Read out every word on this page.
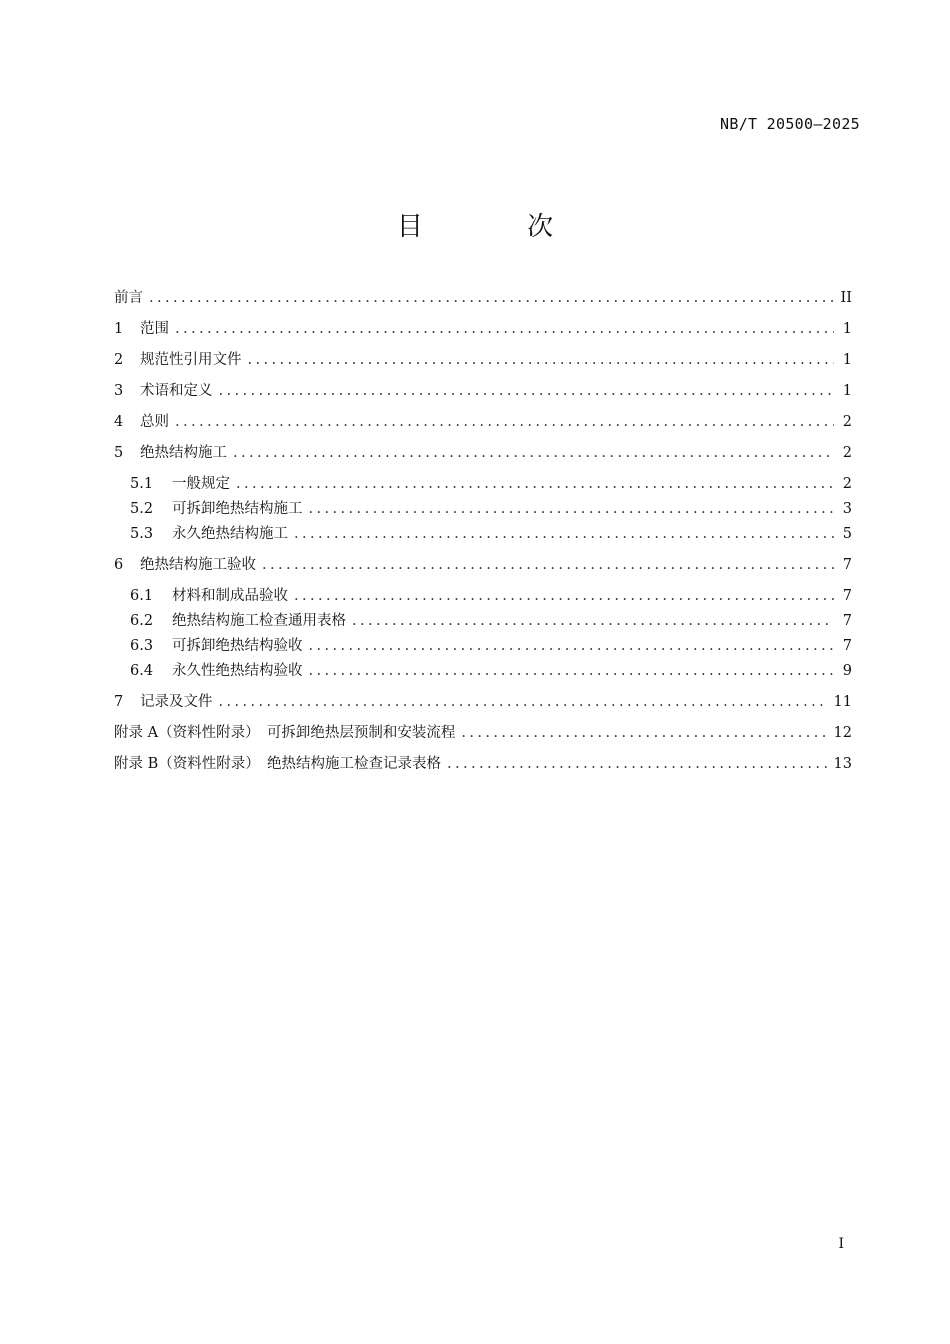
NB/T 20500—2025
目 次
前言 .....	II
1	范围 .....	1
2	规范性引用文件 .....	1
3	术语和定义 .....	1
4	总则 .....	2
5	绝热结构施工 .....	2
5.1	一般规定 .....	2
5.2	可拆卸绝热结构施工 .....	3
5.3	永久绝热结构施工 .....	5
6	绝热结构施工验收 .....	7
6.1	材料和制成品验收 .....	7
6.2	绝热结构施工检查通用表格 .....	7
6.3	可拆卸绝热结构验收 .....	7
6.4	永久性绝热结构验收 .....	9
7	记录及文件 .....	11
附录 A（资料性附录）　可拆卸绝热层预制和安装流程 .....	12
附录 B（资料性附录）　绝热结构施工检查记录表格 .....	13
I
